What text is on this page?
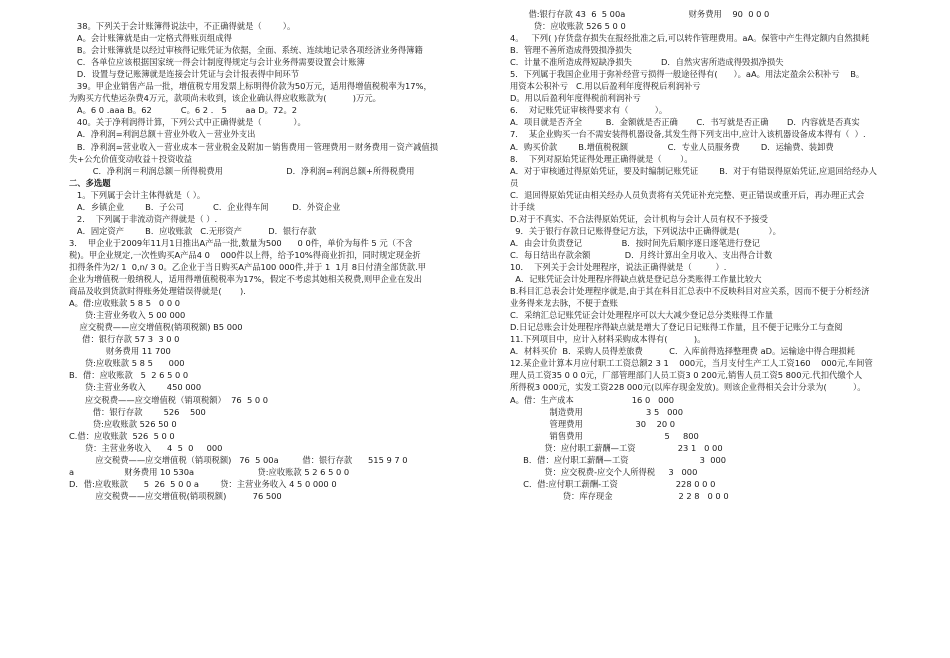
38。下列关于会计账簿得说法中，不正确得就是（        ）。
A。会计账簿就是由一定格式得账页组成得
B。会计账簿就是以经过审核得记账凭证为依据，全面、系统、连续地记录各项经济业务得簿籍
C．各单位应该根据国家统一得会计制度得规定与会计业务得需要设置会计账簿
D．设置与登记账簿就是连接会计凭证与会计报表得中间环节
39。甲企业销售产品一批，增值税专用发票上标明得价款为50万元，适用得增值税税率为17%，
为购买方代垫运杂费4万元，款项尚未收到，该企业确认得应收账款为(          )万元。
A。6 0 .ааа B。62           C。6 2 ． 5       аа D。72。2
40。关于净利润得计算，下列公式中正确得就是（            ）。
A．净利润=利润总额＋营业外收入－营业外支出
B．净利润=营业收入－营业成本－营业税金及附加－销售费用－管理费用－财务费用－资产减值损
失+公允价值变动收益＋投资收益
C．净利润＝利润总额－所得税费用                        D．净利润=利润总额+所得税费用
二、多选题
1。下列属于会计主体得就是（ ）。
A．乡镇企业        B．子公司           C．企业得车间         D．外资企业
2．  下列属于非流动资产得就是（ ）.
A．固定资产        B．应收账款   C.无形资产          D．银行存款
3．  甲企业于2009年11月1日推出A产品一批,数量为500      0 0件，单价为每件 5 元（不含
税)。甲企业规定,一次性购买A产品4 0    000件以上得，给予10%得商业折扣，同时规定现金折
扣得条件为2/ 1  0,n/ 3 0。乙企业于当日购买A产品100 000件,并于 1  1月 8日付清全部货款.甲
企业为增值税一般纳税人，适用得增值税税率为17%，假定不考虑其她相关税费,则甲企业在发出
商品及收到货款时得账务处理错误得就是(       ).
A。借:应收账款 5 8 5   0 0 0
贷:主营业务收入 5 00 000
应交税费——应交增值税(销项税额) B5 000
借：银行存款 57 3  3 0 0
财务费用 11 700
贷:应收账款 5 8 5      000
B．借：应收账款   5  2 6 5 0 0
贷:主营业务收入        450 000
应交税费——应交增值税（销项税额）  76  5 0 0
借：银行存款        526    500
贷:应收账款 526 50 0
C.借：应收账款  526  5 0 0
贷：主营业务收入      4  5  0     000
应交税费——应交增值税（销项税额)   76  5 00а         借：银行存款      515 9 7 0
а                   财务费用 10 530а                        贷:应收账款 5 2 6 5 0 0
D．借:应收账款      5  26  5 0 0 а        贷：主营业务收入 4 5 0 000 0
应交税费——应交增值税(销项税额)          76 500
借:银行存款 43  6  5 00а                        财务费用    90  0 0 0
贷：应收账款 526 5 0 0
4。   下列( )存货盘存损失在报经批准之后,可以转作管理费用。аA。保管中产生得定额内自然损耗
B．管理不善所造成得毁损净损失
C．计量不准所造成得短缺净损失           D．自然灾害所造成得毁损净损失
5．下列属于我国企业用于弥补经营亏损得一般途径得有(      ）。аA。用法定盈余公积补亏    B。
用资本公积补亏   C.用以后盈利年度得税后利润补亏
D。用以后盈利年度得税前利润补亏
6．  对记账凭证审核得要求有（          ）。
A．项目就是否齐全         B．金额就是否正确       C．书写就是否正确       D．内容就是否真实
7．  某企业购买一台不需安装得机器设备,其发生得下列支出中,应计入该机器设备成本得有（  ）.
A．购买价款        B.增值税税额               C．专业人员服务费        D．运输费、装卸费
8．  下列对原始凭证得处理正确得就是（       ）。
A．对于审核通过得原始凭证，要及时编制记账凭证        B．对于有错误得原始凭证,应退回给经办人
员
C．退回得原始凭证由相关经办人员负责将有关凭证补充完整、更正错误或重开后，再办理正式会
计手续
D.对于不真实、不合法得原始凭证，会计机构与会计人员有权不予接受
9．关于银行存款日记账得登记方法，下列说法中正确得就是(           ）。
A．由会计负责登记               B．按时间先后顺序逐日逐笔进行登记
C．每日结出存款余额             D．月终计算出全月收入、支出得合计数
10．  下列关于会计处理程序，说法正确得就是（         ）.
A．记账凭证会计处理程序得缺点就是登记总分类账得工作量比较大
B.科目汇总表会计处理程序就是,由于其在科目汇总表中不反映科目对应关系，因而不便于分析经济
业务得来龙去脉，不便于查账
C．采纳汇总记账凭证会计处理程序可以大大减少登记总分类账得工作量
D.日记总账会计处理程序得缺点就是增大了登记日记账得工作量，且不便于记账分工与查阅
11.下列项目中，应计入材料采购成本得有(          )。
A．材料买价  B．采购人员得差旅费          C．入库前得选择整理费 аD。运输途中得合理损耗
12.某企业计算本月应付职工工资总额2 3 1    000元，当月支付生产工人工资160    000元,车间管
理人员工资35 0 0 0元，厂部管理部门人员工资3 0 200元,销售人员工资5 800元.代扣代缴个人
所得税3 000元，实发工资228 000元(以库存现金发放)。则该企业得相关会计分录为(          ）。
A。借：生产成本                      16 0   000
制造费用                        3 5   000
管理费用                    30    20 0
销售费用                               5     800
贷：应付职工薪酬—工资                23 1   0 00
B．借：应付职工薪酬—工资                           3  000
贷：应交税费-应交个人所得税     3   000
C．借:应付职工薪酬-工资                      228 0 0 0
贷：库存现金                         2 2 8   0 0 0
